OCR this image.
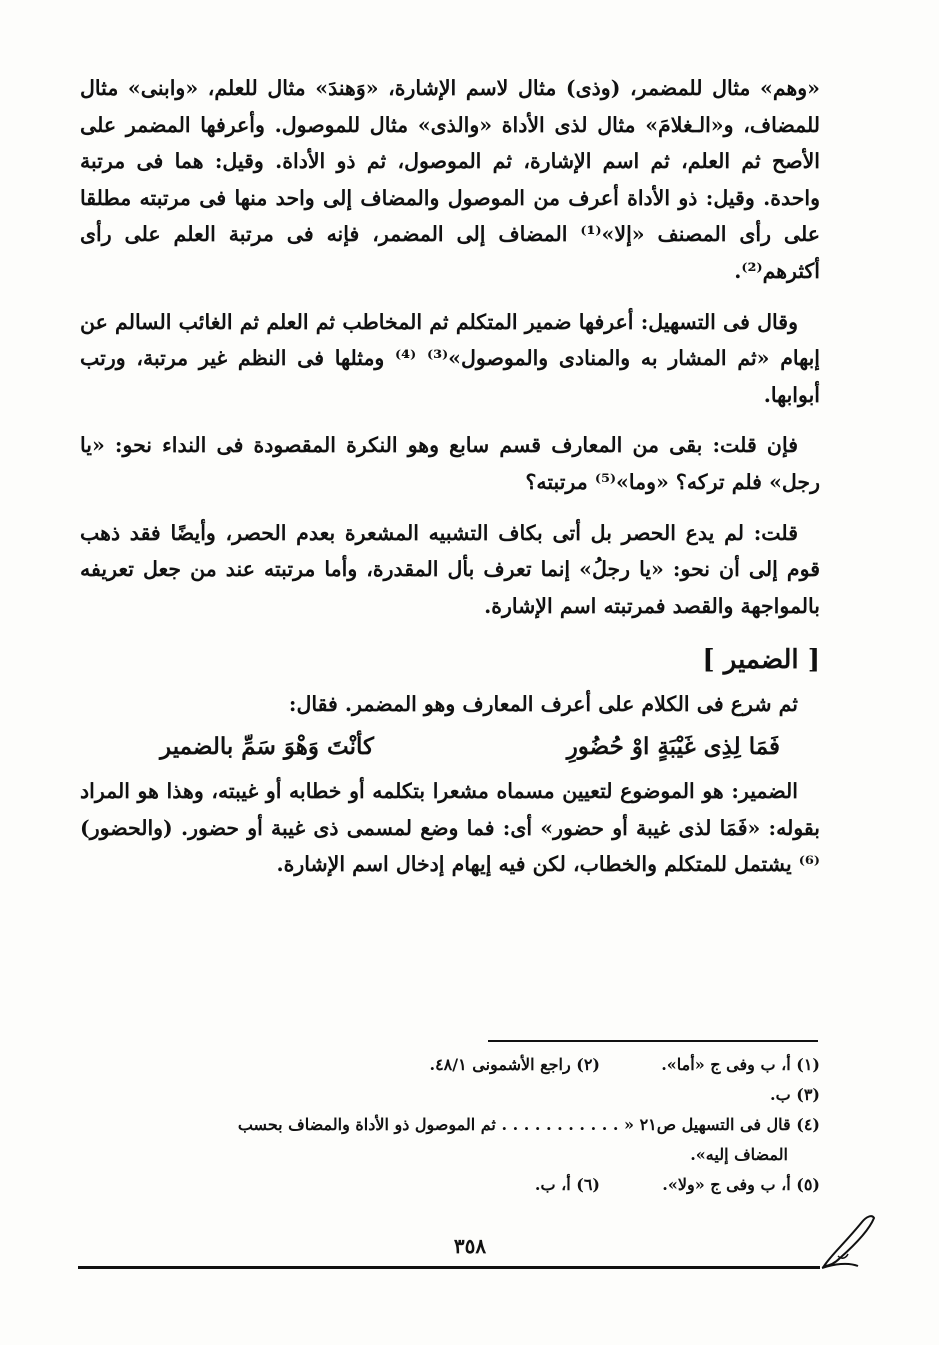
«وهم» مثال للمضمر، (وذى) مثال لاسم الإشارة، «وَهندَ» مثال للعلم، «وابنى» مثال للمضاف، و«الـغلامَ» مثال لذى الأداة «والذى» مثال للموصول. وأعرفها المضمر على الأصح ثم العلم، ثم اسم الإشارة، ثم الموصول، ثم ذو الأداة. وقيل: هما فى مرتبة واحدة. وقيل: ذو الأداة أعرف من الموصول والمضاف إلى واحد منها فى مرتبته مطلقا على رأى المصنف «إلا»⁽¹⁾ المضاف إلى المضمر، فإنه فى مرتبة العلم على رأى أكثرهم⁽²⁾.

وقال فى التسهيل: أعرفها ضمير المتكلم ثم المخاطب ثم العلم ثم الغائب السالم عن إبهام «ثم المشار به والمنادى والموصول»⁽³⁾ ⁽⁴⁾ ومثلها فى النظم غير مرتبة، ورتب أبوابها.

فإن قلت: بقى من المعارف قسم سابع وهو النكرة المقصودة فى النداء نحو: «يا رجل» فلم تركه؟ «وما»⁽⁵⁾ مرتبته؟

قلت: لم يدع الحصر بل أتى بكاف التشبيه المشعرة بعدم الحصر، وأيضًا فقد ذهب قوم إلى أن نحو: «يا رجلُ» إنما تعرف بأل المقدرة، وأما مرتبته عند من جعل تعريفه بالمواجهة والقصد فمرتبته اسم الإشارة.

[ الضمير ]

ثم شرع فى الكلام على أعرف المعارف وهو المضمر. فقال:

فَمَا لِذِى غَيْبَةٍ اوْ حُضُورِ
كأنْتَ وَهْوَ سَمِّ بالضمير

الضمير: هو الموضوع لتعيين مسماه مشعرا بتكلمه أو خطابه أو غيبته، وهذا هو المراد بقوله: «فَمَا لذى غيبة أو حضور» أى: فما وضع لمسمى ذى غيبة أو حضور. (والحضور)⁽⁶⁾ يشتمل للمتكلم والخطاب، لكن فيه إيهام إدخال اسم الإشارة.

(١) أ، ب وفى ج «أما».
(٢) راجع الأشمونى ٤٨/١.
(٣) ب.
(٤) قال فى التسهيل ص٢١ « . . . . . . . . . . . ثم الموصول ذو الأداة والمضاف بحسب
المضاف إليه».
(٥) أ، ب وفى ج «ولا».
(٦) أ، ب.
٣٥٨
